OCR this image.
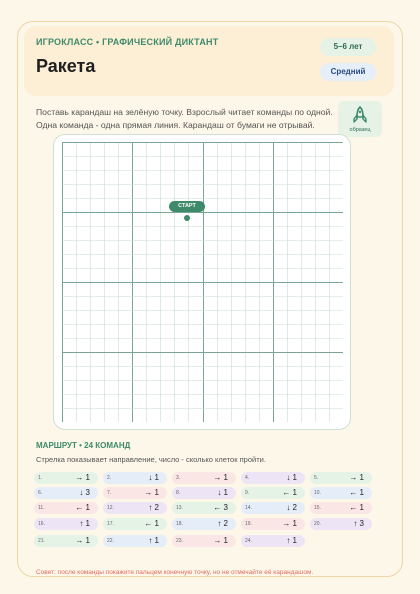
ИГРОКЛАСС • ГРАФИЧЕСКИЙ ДИКТАНТ
Ракета
5–6 лет
Средний
Поставь карандаш на зелёную точку. Взрослый читает команды по одной. Одна команда - одна прямая линия. Карандаш от бумаги не отрывай.	образец
СТАРТ
МАРШРУТ • 24 КОМАНД
Стрелка показывает направление, число - сколько клеток пройти.
1.	→ 1	2.	↓ 1	3.	→ 1	4.	↓ 1	5.	→ 1
6.	↓ 3	7.	→ 1	8.	↓ 1	9.	← 1	10.	← 1
11.	← 1	12.	↑ 2	13.	← 3	14.	↓ 2	15.	← 1
16.	↑ 1	17.	← 1	18.	↑ 2	19.	→ 1	20.	↑ 3
21.	→ 1	22.	↑ 1	23.	→ 1	24.	↑ 1
Совет: после команды покажите пальцем конечную точку, но не отмечайте её карандашом.
